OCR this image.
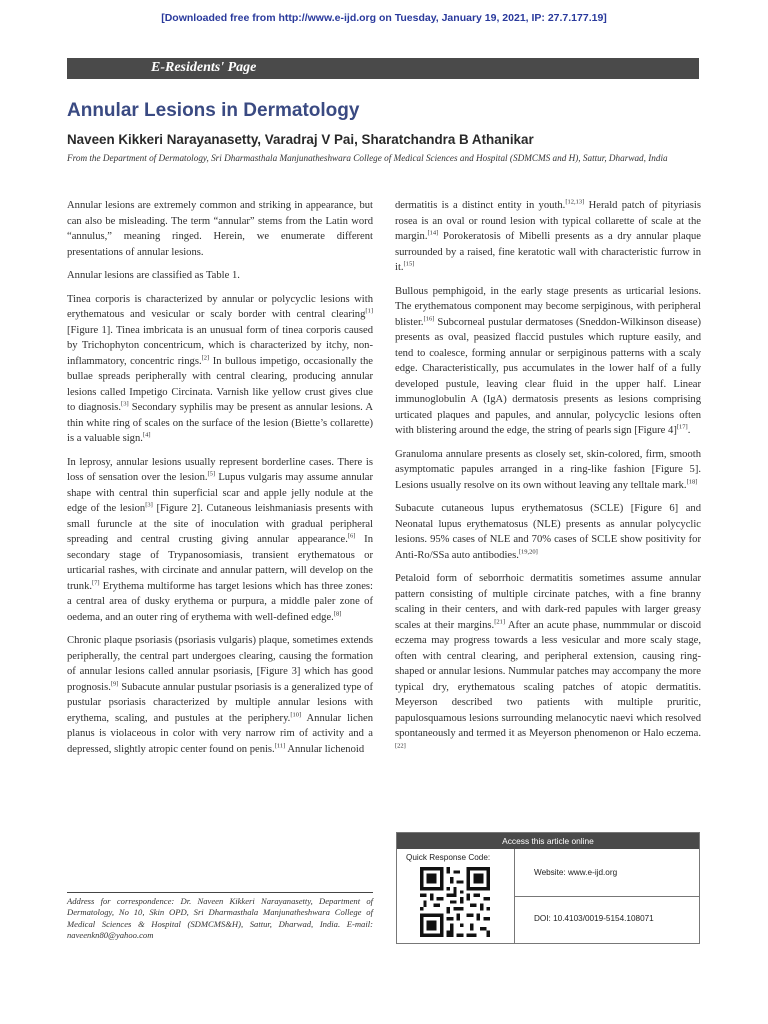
[Downloaded free from http://www.e-ijd.org on Tuesday, January 19, 2021, IP: 27.7.177.19]
E-Residents' Page
Annular Lesions in Dermatology
Naveen Kikkeri Narayanasetty, Varadraj V Pai, Sharatchandra B Athanikar
From the Department of Dermatology, Sri Dharmasthala Manjunatheshwara College of Medical Sciences and Hospital (SDMCMS and H), Sattur, Dharwad, India

Annular lesions are extremely common and striking in appearance, but can also be misleading. The term “annular” stems from the Latin word “annulus,” meaning ringed. Herein, we enumerate different presentations of annular lesions.

Annular lesions are classified as Table 1.

Tinea corporis is characterized by annular or polycyclic lesions with erythematous and vesicular or scaly border with central clearing[1] [Figure 1]. Tinea imbricata is an unusual form of tinea corporis caused by Trichophyton concentricum, which is characterized by itchy, non-inflammatory, concentric rings.[2] In bullous impetigo, occasionally the bullae spreads peripherally with central clearing, producing annular lesions called Impetigo Circinata. Varnish like yellow crust gives clue to diagnosis.[3] Secondary syphilis may be present as annular lesions. A thin white ring of scales on the surface of the lesion (Biette’s collarette) is a valuable sign.[4]

In leprosy, annular lesions usually represent borderline cases. There is loss of sensation over the lesion.[5] Lupus vulgaris may assume annular shape with central thin superficial scar and apple jelly nodule at the edge of the lesion[3] [Figure 2]. Cutaneous leishmaniasis presents with small furuncle at the site of inoculation with gradual peripheral spreading and central crusting giving annular appearance.[6] In secondary stage of Trypanosomiasis, transient erythematous or urticarial rashes, with circinate and annular pattern, will develop on the trunk.[7] Erythema multiforme has target lesions which has three zones: a central area of dusky erythema or purpura, a middle paler zone of oedema, and an outer ring of erythema with well-defined edge.[8]

Chronic plaque psoriasis (psoriasis vulgaris) plaque, sometimes extends peripherally, the central part undergoes clearing, causing the formation of annular lesions called annular psoriasis, [Figure 3] which has good prognosis.[9] Subacute annular pustular psoriasis is a generalized type of pustular psoriasis characterized by multiple annular lesions with erythema, scaling, and pustules at the periphery.[10] Annular lichen planus is violaceous in color with very narrow rim of activity and a depressed, slightly atropic center found on penis.[11] Annular lichenoid

Address for correspondence: Dr. Naveen Kikkeri Narayanasetty, Department of Dermatology, No 10, Skin OPD, Sri Dharmasthala Manjunatheshwara College of Medical Sciences & Hospital (SDMCMS&H), Sattur, Dharwad, India. E-mail: naveenkn80@yahoo.com

dermatitis is a distinct entity in youth.[12,13] Herald patch of pityriasis rosea is an oval or round lesion with typical collarette of scale at the margin.[14] Porokeratosis of Mibelli presents as a dry annular plaque surrounded by a raised, fine keratotic wall with characteristic furrow in it.[15]

Bullous pemphigoid, in the early stage presents as urticarial lesions. The erythematous component may become serpiginous, with peripheral blister.[16] Subcorneal pustular dermatoses (Sneddon-Wilkinson disease) presents as oval, peasized flaccid pustules which rupture easily, and tend to coalesce, forming annular or serpiginous patterns with a scaly edge. Characteristically, pus accumulates in the lower half of a fully developed pustule, leaving clear fluid in the upper half. Linear immunoglobulin A (IgA) dermatosis presents as lesions comprising urticated plaques and papules, and annular, polycyclic lesions often with blistering around the edge, the string of pearls sign [Figure 4][17].

Granuloma annulare presents as closely set, skin-colored, firm, smooth asymptomatic papules arranged in a ring-like fashion [Figure 5]. Lesions usually resolve on its own without leaving any telltale mark.[18]

Subacute cutaneous lupus erythematosus (SCLE) [Figure 6] and Neonatal lupus erythematosus (NLE) presents as annular polycyclic lesions. 95% cases of NLE and 70% cases of SCLE show positivity for Anti-Ro/SSa auto antibodies.[19,20]

Petaloid form of seborrhoic dermatitis sometimes assume annular pattern consisting of multiple circinate patches, with a fine branny scaling in their centers, and with dark-red papules with larger greasy scales at their margins.[21] After an acute phase, nummmular or discoid eczema may progress towards a less vesicular and more scaly stage, often with central clearing, and peripheral extension, causing ring-shaped or annular lesions. Nummular patches may accompany the more typical dry, erythematous scaling patches of atopic dermatitis. Meyerson described two patients with multiple pruritic, papulosquamous lesions surrounding melanocytic naevi which resolved spontaneously and termed it as Meyerson phenomenon or Halo eczema.[22]

Access this article online
Quick Response Code:
Website: www.e-ijd.org
DOI: 10.4103/0019-5154.108071
